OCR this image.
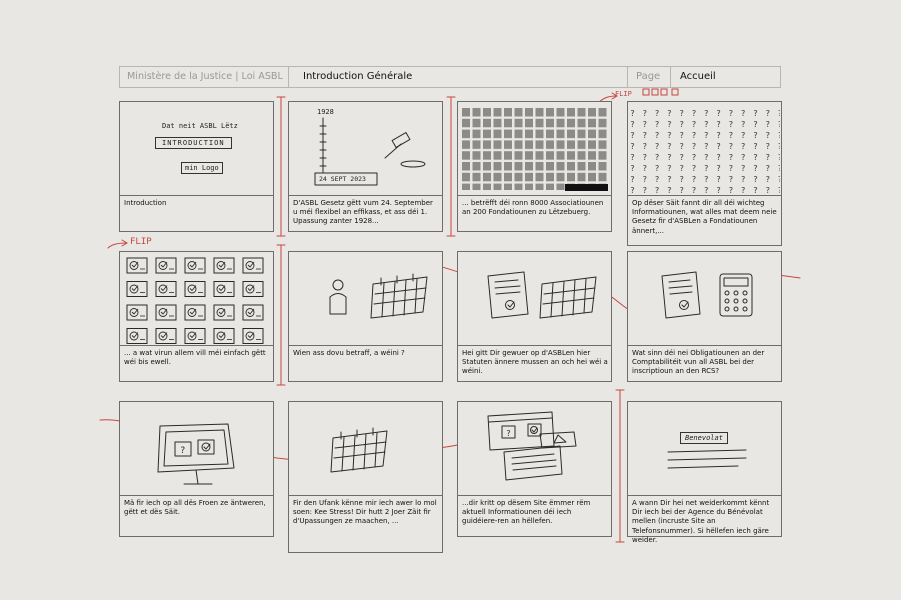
Ministère de la Justice | Loi ASBL Introduction Générale	Page Accueil
FLIP
FLIP
Dat neit ASBL Lëtz
INTRODUCTION
min Logo
Introduction
1928
24 SEPT 2023
D'ASBL Gesetz gëtt vum 24. September u méi flexibel an effikass, et ass déi 1. Upassung zanter 1928...
... betrëfft déi ronn 8000 Associatiounen an 200 Fondatiounen zu Lëtzebuerg.
Op dëser Säit fannt dir all déi wichteg Informatiounen, wat alles mat deem neie Gesetz fir d'ASBLen a Fondatiounen ännert,...
... a wat virun allem vill méi einfach gëtt wéi bis ewell.
Wien ass dovu betraff, a wéini ?	Hei gitt Dir gewuer op d'ASBLen hier Statuten ännere mussen an och hei wéi a wéini.
Wat sinn déi nei Obligatiounen an der Comptabilitéit vun all ASBL bei der inscriptioun an den RCS?
?
Mä fir iech op all dës Froen ze äntweren, gëtt et dës Säit.
Fir den Ufank kënne mir iech awer lo mol soen: Kee Stress! Dir hutt 2 Joer Zäit fir d'Upassungen ze maachen, ...
?
...dir kritt op dësem Site ëmmer rëm aktuell Informatiounen déi iech guidéiere-ren an hëllefen.
Benevolat
A wann Dir hei net weiderkommt kënnt Dir iech bei der Agence du Bénévolat mellen (incruste Site an Telefonsnummer). Si hëllefen iech gäre weider.
